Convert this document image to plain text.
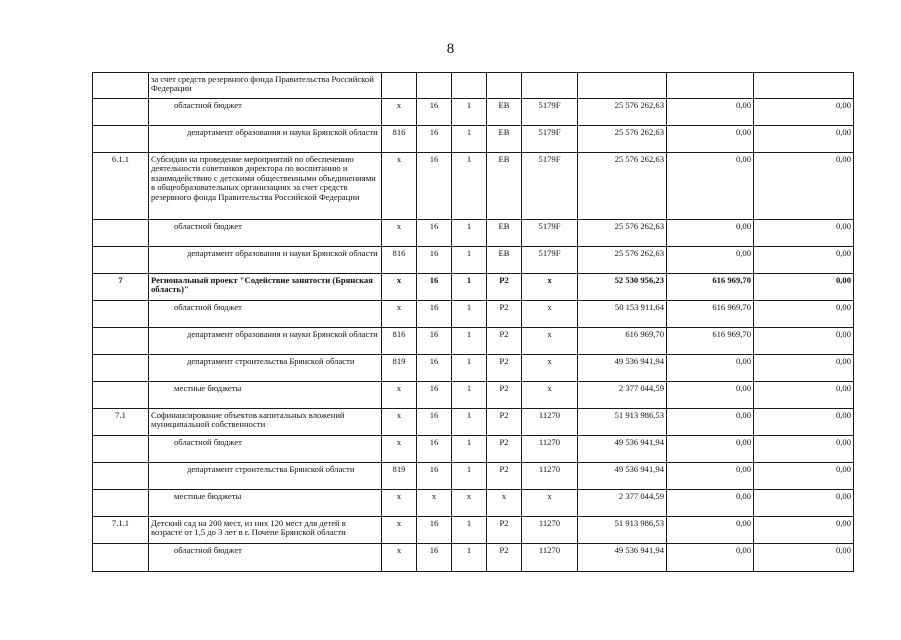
8
	за счет средств резервного фонда Правительства Российской Федерации								
	областной бюджет	x	16	1	EB	5179F	25 576 262,63	0,00	0,00
	департамент образования и науки Брянской области	816	16	1	EB	5179F	25 576 262,63	0,00	0,00
6.1.1	Субсидии на проведение мероприятий по обеспечению деятельности советников директора по воспитанию и взаимодействию с детскими общественными объединениями в общеобразовательных организациях за счет средств резервного фонда Правительства Российской Федерации	x	16	1	EB	5179F	25 576 262,63	0,00	0,00
	областной бюджет	x	16	1	EB	5179F	25 576 262,63	0,00	0,00
	департамент образования и науки Брянской области	816	16	1	EB	5179F	25 576 262,63	0,00	0,00
7	Региональный проект "Содействие занятости (Брянская область)"	x	16	1	P2	x	52 530 956,23	616 969,70	0,00
	областной бюджет	x	16	1	P2	x	50 153 911,64	616 969,70	0,00
	департамент образования и науки Брянской области	816	16	1	P2	x	616 969,70	616 969,70	0,00
	департамент строительства Брянской области	819	16	1	P2	x	49 536 941,94	0,00	0,00
	местные бюджеты	x	16	1	P2	x	2 377 044,59	0,00	0,00
7.1	Софинансирование объектов капитальных вложений муниципальной собственности	x	16	1	P2	11270	51 913 986,53	0,00	0,00
	областной бюджет	x	16	1	P2	11270	49 536 941,94	0,00	0,00
	департамент строительства Брянской области	819	16	1	P2	11270	49 536 941,94	0,00	0,00
	местные бюджеты	x	x	x	x	x	2 377 044,59	0,00	0,00
7.1.1	Детский сад на 200 мест, из них 120 мест для детей в возрасте от 1,5 до 3 лет в г. Почепе Брянской области	x	16	1	P2	11270	51 913 986,53	0,00	0,00
	областной бюджет	x	16	1	P2	11270	49 536 941,94	0,00	0,00
